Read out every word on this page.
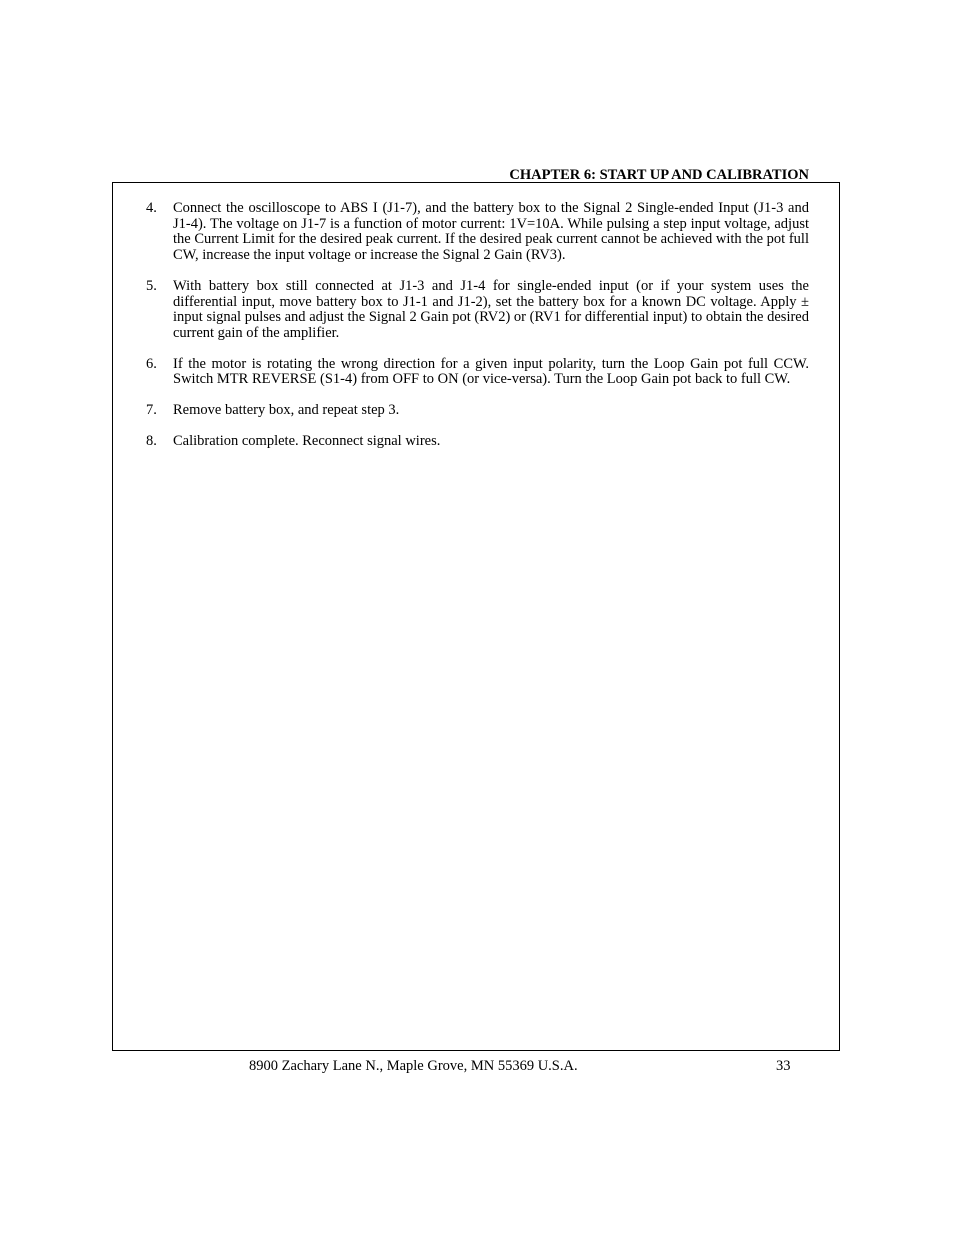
CHAPTER 6: START UP AND CALIBRATION
4.	Connect the oscilloscope to ABS I (J1-7), and the battery box to the Signal 2 Single-ended Input (J1-3 and J1-4). The voltage on J1-7 is a function of motor current: 1V=10A. While pulsing a step input voltage, adjust the Current Limit for the desired peak current. If the desired peak current cannot be achieved with the pot full CW, increase the input voltage or increase the Signal 2 Gain (RV3).
5.	With battery box still connected at J1-3 and J1-4 for single-ended input (or if your system uses the differential input, move battery box to J1-1 and J1-2), set the battery box for a known DC voltage. Apply ± input signal pulses and adjust the Signal 2 Gain pot (RV2) or (RV1 for differential input) to obtain the desired current gain of the amplifier.
6.	If the motor is rotating the wrong direction for a given input polarity, turn the Loop Gain pot full CCW. Switch MTR REVERSE (S1-4) from OFF to ON (or vice-versa). Turn the Loop Gain pot back to full CW.
7.	Remove battery box, and repeat step 3.
8.	Calibration complete. Reconnect signal wires.
8900 Zachary Lane N., Maple Grove, MN 55369 U.S.A.	33
